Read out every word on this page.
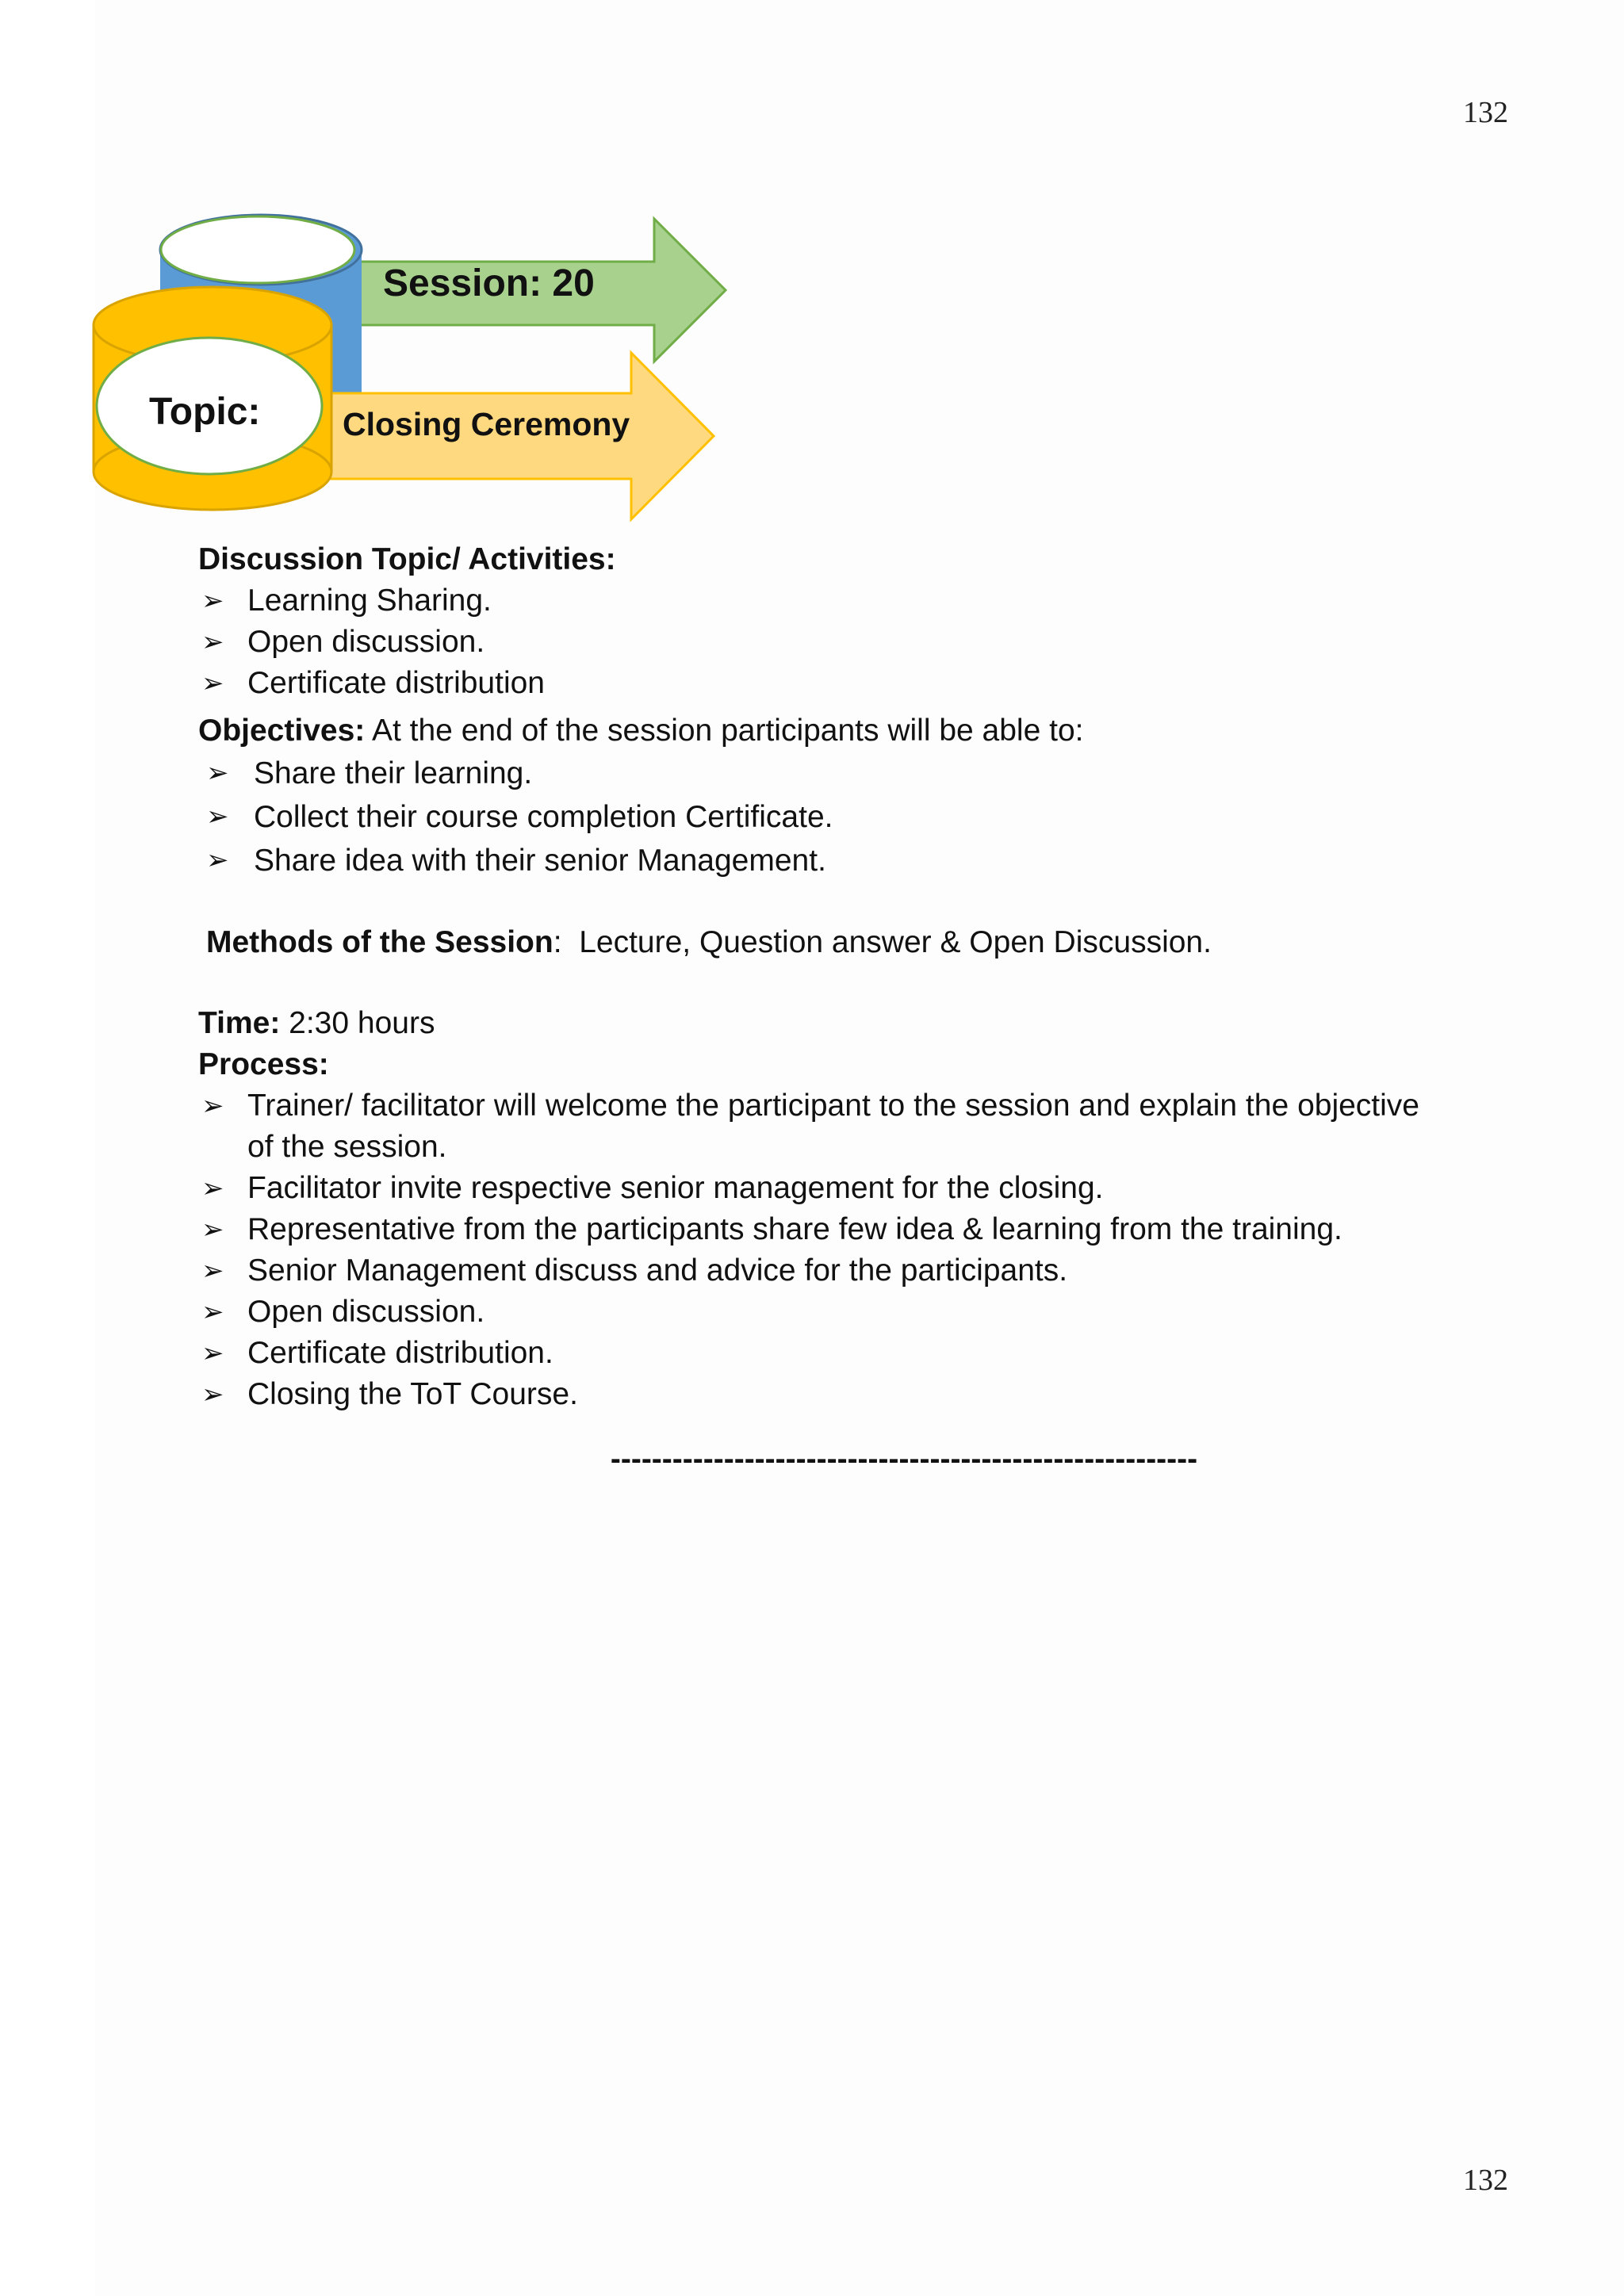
132
Session: 20
Topic:	Closing Ceremony
Discussion Topic/ Activities:
➢ Learning Sharing.
➢ Open discussion.
➢ Certificate distribution
Objectives: At the end of the session participants will be able to:
➢ Share their learning.
➢ Collect their course completion Certificate.
➢ Share idea with their senior Management.
Methods of the Session:  Lecture, Question answer & Open Discussion.
Time: 2:30 hours
Process:
➢ Trainer/ facilitator will welcome the participant to the session and explain the objective of the session.
➢ Facilitator invite respective senior management for the closing.
➢ Representative from the participants share few idea & learning from the training.
➢ Senior Management discuss and advice for the participants.
➢ Open discussion.
➢ Certificate distribution.
➢ Closing the ToT Course.
---------------------------------------------------------
132
